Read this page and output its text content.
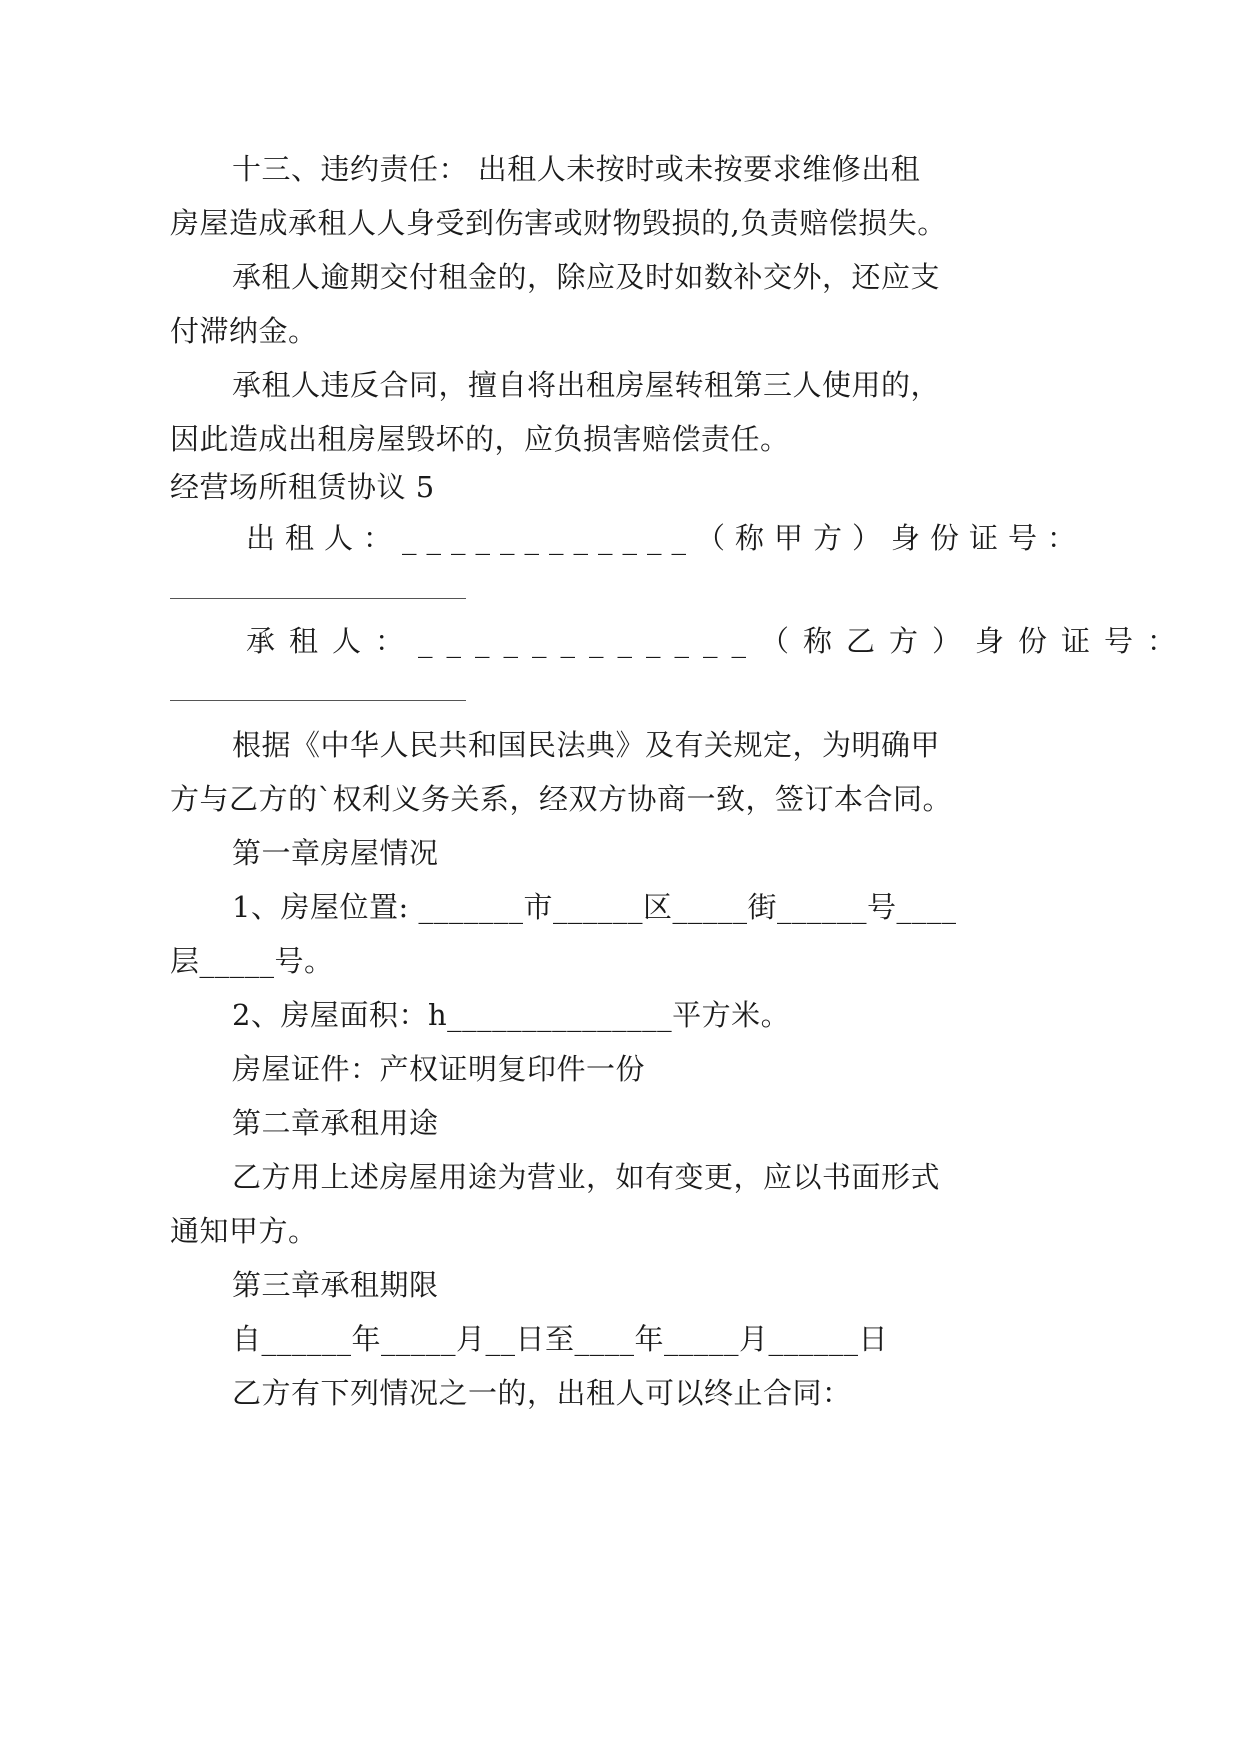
十三、违约责任： 出租人未按时或未按要求维修出租
房屋造成承租人人身受到伤害或财物毁损的,负责赔偿损失。
承租人逾期交付租金的，除应及时如数补交外，还应支
付滞纳金。
承租人违反合同，擅自将出租房屋转租第三人使用的，
因此造成出租房屋毁坏的，应负损害赔偿责任。
经营场所租赁协议 5
出租人：____________（称甲方）身份证号：
承租人：____________（称乙方）身份证号：
根据《中华人民共和国民法典》及有关规定，为明确甲
方与乙方的`权利义务关系，经双方协商一致，签订本合同。
第一章房屋情况
1、房屋位置: _______市______区_____街______号____
层_____号。
2、房屋面积：h_______________平方米。
房屋证件：产权证明复印件一份
第二章承租用途
乙方用上述房屋用途为营业，如有变更，应以书面形式
通知甲方。
第三章承租期限
自______年_____月__日至____年_____月______日
乙方有下列情况之一的，出租人可以终止合同：
